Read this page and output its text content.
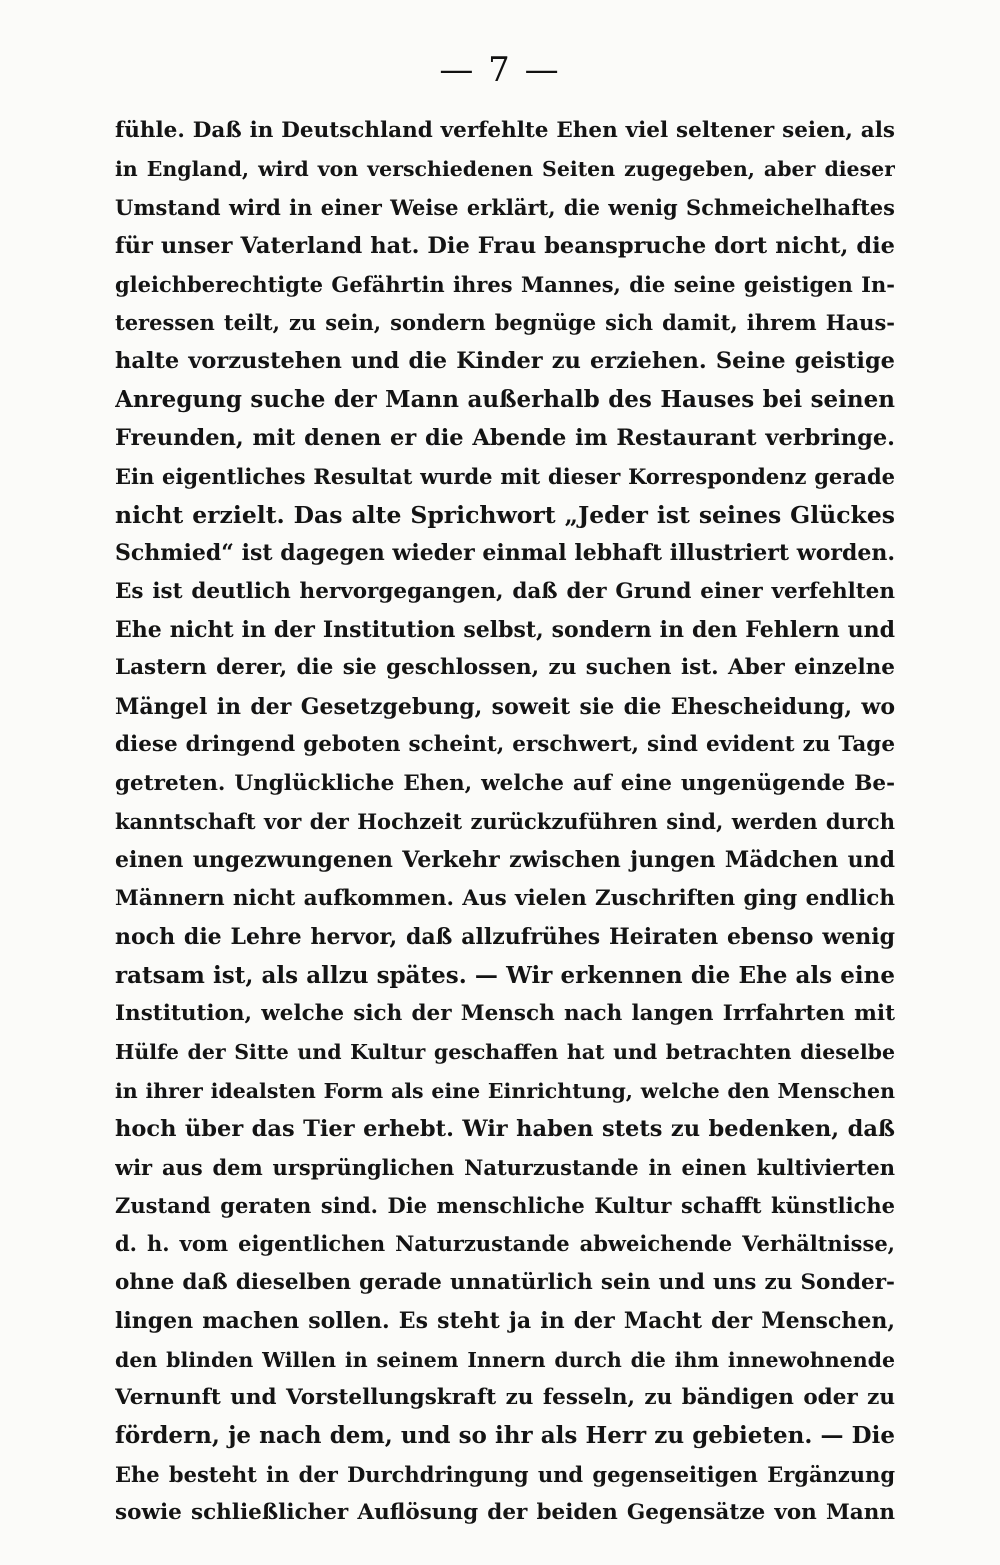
— 7 —
fühle. Daß in Deutschland verfehlte Ehen viel seltener seien, als
in England, wird von verschiedenen Seiten zugegeben, aber dieser
Umstand wird in einer Weise erklärt, die wenig Schmeichelhaftes
für unser Vaterland hat. Die Frau beanspruche dort nicht, die
gleichberechtigte Gefährtin ihres Mannes, die seine geistigen In-
teressen teilt, zu sein, sondern begnüge sich damit, ihrem Haus-
halte vorzustehen und die Kinder zu erziehen. Seine geistige
Anregung suche der Mann außerhalb des Hauses bei seinen
Freunden, mit denen er die Abende im Restaurant verbringe.
Ein eigentliches Resultat wurde mit dieser Korrespondenz gerade
nicht erzielt. Das alte Sprichwort „Jeder ist seines Glückes
Schmied“ ist dagegen wieder einmal lebhaft illustriert worden.
Es ist deutlich hervorgegangen, daß der Grund einer verfehlten
Ehe nicht in der Institution selbst, sondern in den Fehlern und
Lastern derer, die sie geschlossen, zu suchen ist. Aber einzelne
Mängel in der Gesetzgebung, soweit sie die Ehescheidung, wo
diese dringend geboten scheint, erschwert, sind evident zu Tage
getreten. Unglückliche Ehen, welche auf eine ungenügende Be-
kanntschaft vor der Hochzeit zurückzuführen sind, werden durch
einen ungezwungenen Verkehr zwischen jungen Mädchen und
Männern nicht aufkommen. Aus vielen Zuschriften ging endlich
noch die Lehre hervor, daß allzufrühes Heiraten ebenso wenig
ratsam ist, als allzu spätes. — Wir erkennen die Ehe als eine
Institution, welche sich der Mensch nach langen Irrfahrten mit
Hülfe der Sitte und Kultur geschaffen hat und betrachten dieselbe
in ihrer idealsten Form als eine Einrichtung, welche den Menschen
hoch über das Tier erhebt. Wir haben stets zu bedenken, daß
wir aus dem ursprünglichen Naturzustande in einen kultivierten
Zustand geraten sind. Die menschliche Kultur schafft künstliche
d. h. vom eigentlichen Naturzustande abweichende Verhältnisse,
ohne daß dieselben gerade unnatürlich sein und uns zu Sonder-
lingen machen sollen. Es steht ja in der Macht der Menschen,
den blinden Willen in seinem Innern durch die ihm innewohnende
Vernunft und Vorstellungskraft zu fesseln, zu bändigen oder zu
fördern, je nach dem, und so ihr als Herr zu gebieten. — Die
Ehe besteht in der Durchdringung und gegenseitigen Ergänzung
sowie schließlicher Auflösung der beiden Gegensätze von Mann
